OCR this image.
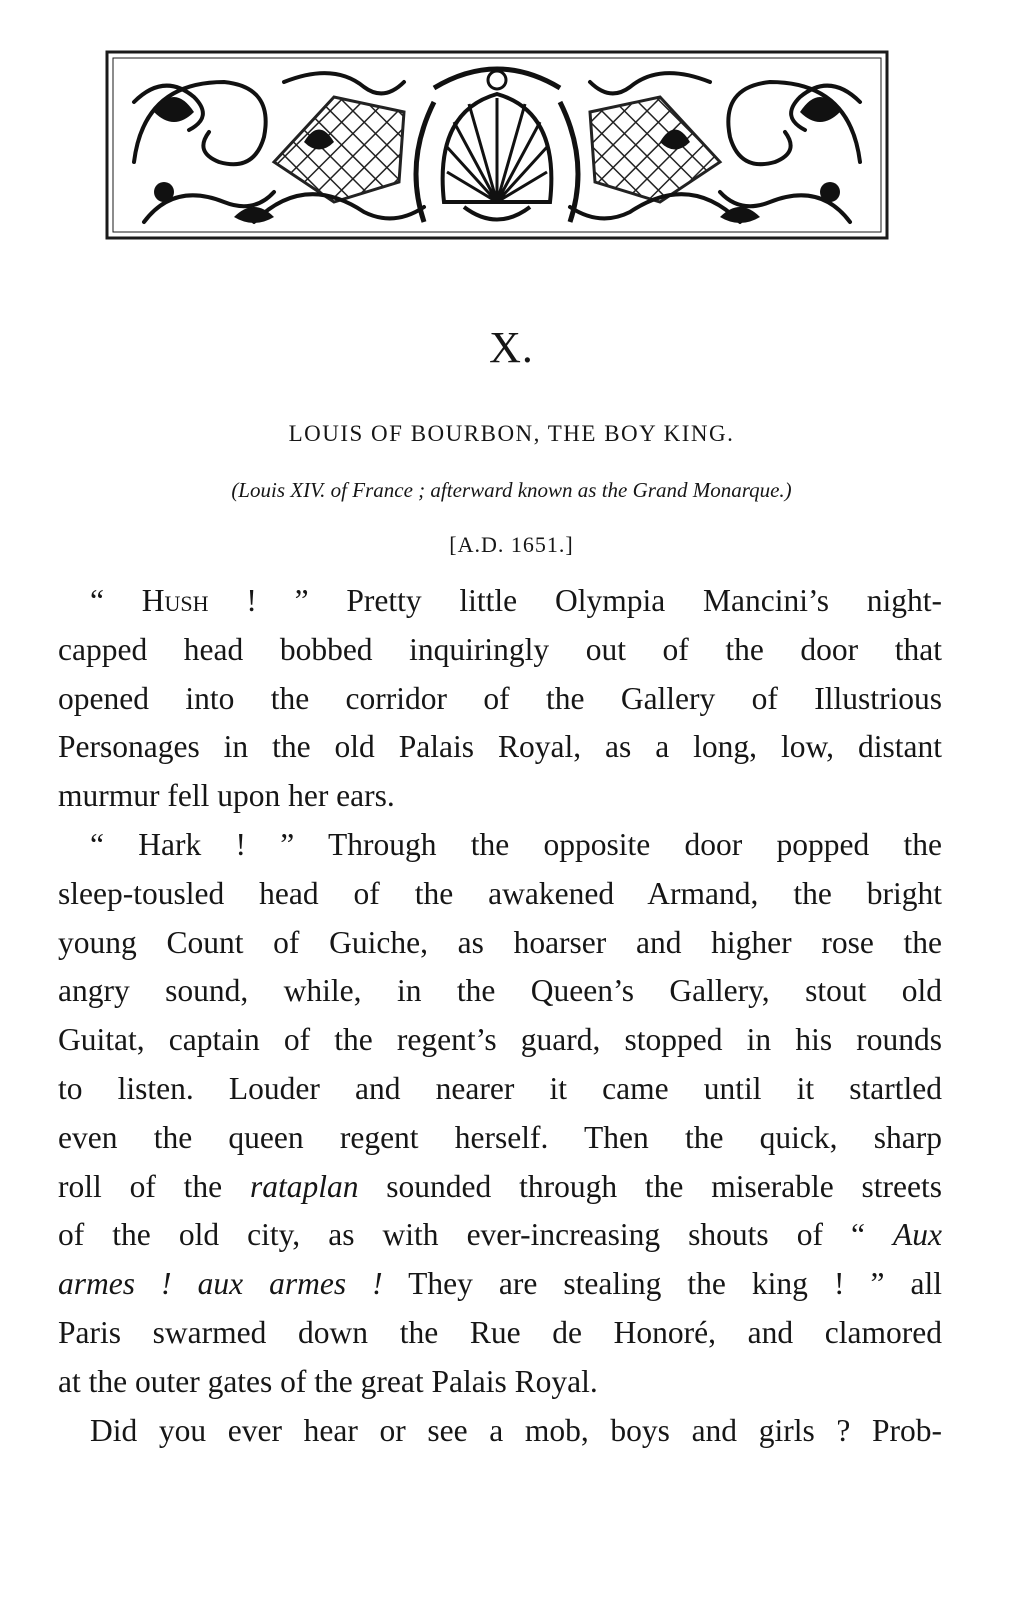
X.
LOUIS OF BOURBON, THE BOY KING.
(Louis XIV. of France ; afterward known as the Grand Monarque.)
[A.D. 1651.]
“ Hush ! ” Pretty little Olympia Mancini’s night-
capped head bobbed inquiringly out of the door that
opened into the corridor of the Gallery of Illustrious
Personages in the old Palais Royal, as a long, low, distant
murmur fell upon her ears.
“ Hark ! ” Through the opposite door popped the
sleep-tousled head of the awakened Armand, the bright
young Count of Guiche, as hoarser and higher rose the
angry sound, while, in the Queen’s Gallery, stout old
Guitat, captain of the regent’s guard, stopped in his rounds
to listen. Louder and nearer it came until it startled
even the queen regent herself. Then the quick, sharp
roll of the rataplan sounded through the miserable streets
of the old city, as with ever-increasing shouts of “ Aux
armes ! aux armes ! They are stealing the king ! ” all
Paris swarmed down the Rue de Honoré, and clamored
at the outer gates of the great Palais Royal.
Did you ever hear or see a mob, boys and girls ? Prob-
